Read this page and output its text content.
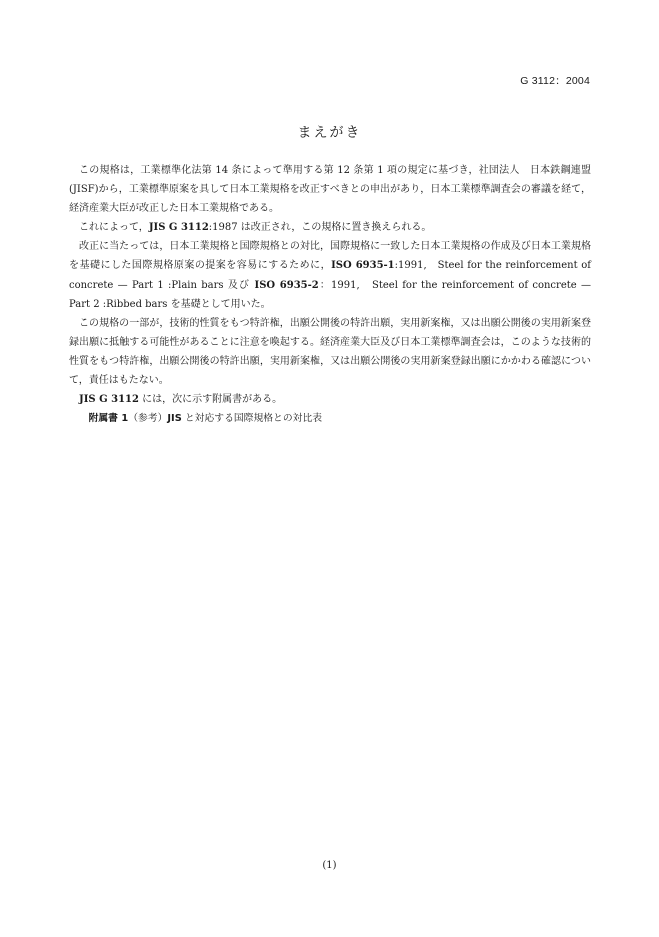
G 3112：2004
まえがき

この規格は，工業標準化法第 14 条によって準用する第 12 条第 1 項の規定に基づき，社団法人　日本鉄鋼連盟(JISF)から，工業標準原案を具して日本工業規格を改正すべきとの申出があり，日本工業標準調査会の審議を経て，経済産業大臣が改正した日本工業規格である。

これによって，JIS G 3112:1987 は改正され，この規格に置き換えられる。

改正に当たっては，日本工業規格と国際規格との対比，国際規格に一致した日本工業規格の作成及び日本工業規格を基礎にした国際規格原案の提案を容易にするために，ISO 6935-1:1991,　Steel for the reinforcement of concrete — Part 1 :Plain bars 及び ISO 6935-2：1991,　Steel for the reinforcement of concrete — Part 2 :Ribbed bars を基礎として用いた。

この規格の一部が，技術的性質をもつ特許権，出願公開後の特許出願，実用新案権，又は出願公開後の実用新案登録出願に抵触する可能性があることに注意を喚起する。経済産業大臣及び日本工業標準調査会は，このような技術的性質をもつ特許権，出願公開後の特許出願，実用新案権，又は出願公開後の実用新案登録出願にかかわる確認について，責任はもたない。

JIS G 3112 には，次に示す附属書がある。

附属書 1（参考）JIS と対応する国際規格との対比表

(1)
